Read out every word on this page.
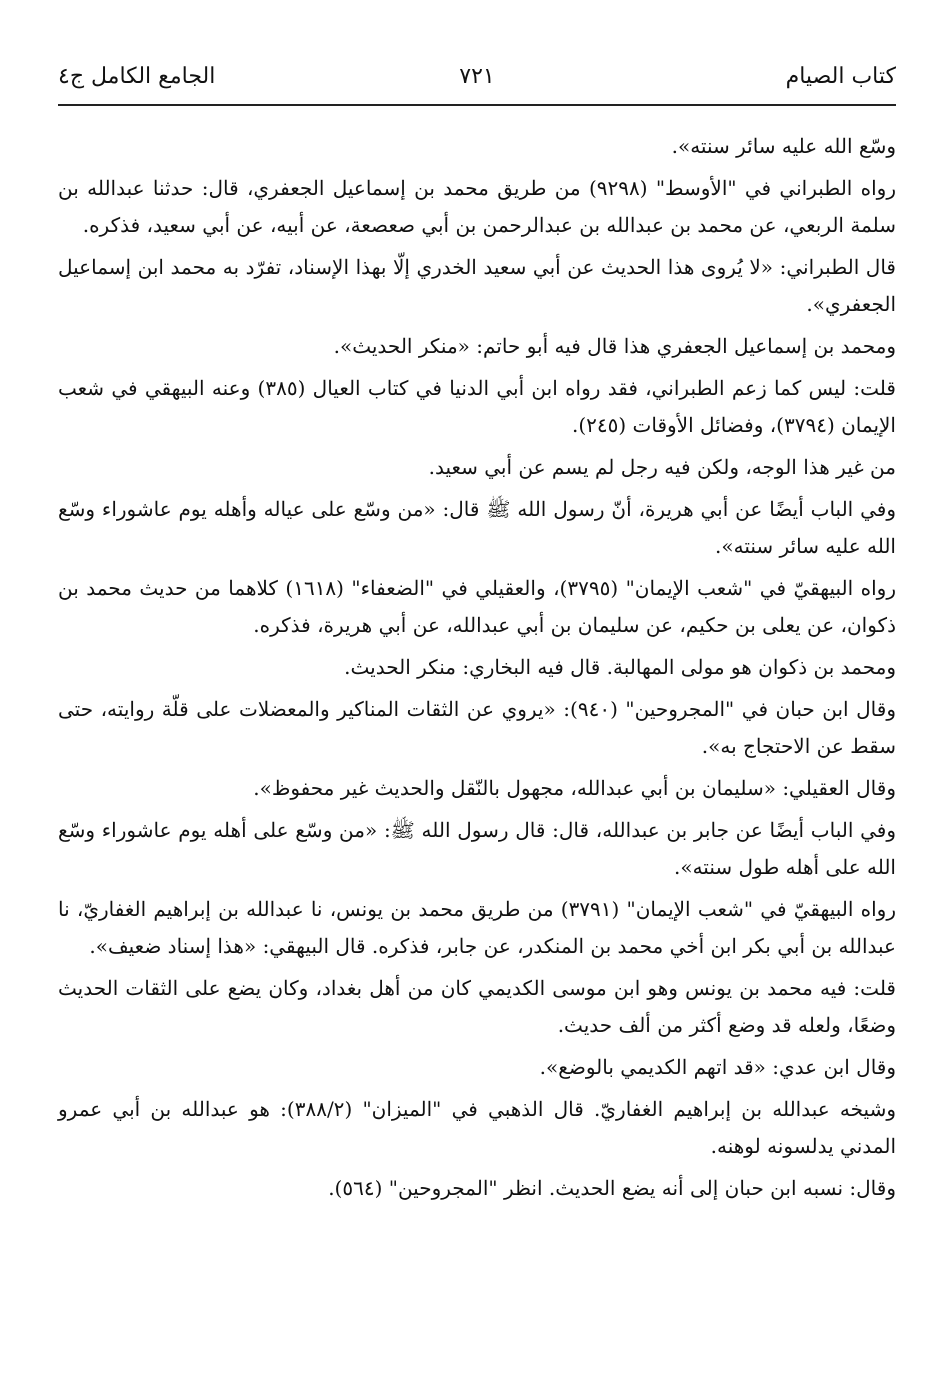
كتاب الصيام
٧٢١
الجامع الكامل ج٤

وسّع الله عليه سائر سنته».

رواه الطبراني في "الأوسط" (٩٢٩٨) من طريق محمد بن إسماعيل الجعفري، قال: حدثنا عبدالله بن سلمة الربعي، عن محمد بن عبدالله بن عبدالرحمن بن أبي صعصعة، عن أبيه، عن أبي سعيد، فذكره.

قال الطبراني: «لا يُروى هذا الحديث عن أبي سعيد الخدري إلّا بهذا الإسناد، تفرّد به محمد ابن إسماعيل الجعفري».

ومحمد بن إسماعيل الجعفري هذا قال فيه أبو حاتم: «منكر الحديث».

قلت: ليس كما زعم الطبراني، فقد رواه ابن أبي الدنيا في كتاب العيال (٣٨٥) وعنه البيهقي في شعب الإيمان (٣٧٩٤)، وفضائل الأوقات (٢٤٥).

من غير هذا الوجه، ولكن فيه رجل لم يسم عن أبي سعيد.

وفي الباب أيضًا عن أبي هريرة، أنّ رسول الله ﷺ قال: «من وسّع على عياله وأهله يوم عاشوراء وسّع الله عليه سائر سنته».

رواه البيهقيّ في "شعب الإيمان" (٣٧٩٥)، والعقيلي في "الضعفاء" (١٦١٨) كلاهما من حديث محمد بن ذكوان، عن يعلى بن حكيم، عن سليمان بن أبي عبدالله، عن أبي هريرة، فذكره.

ومحمد بن ذكوان هو مولى المهالبة. قال فيه البخاري: منكر الحديث.

وقال ابن حبان في "المجروحين" (٩٤٠): «يروي عن الثقات المناكير والمعضلات على قلّة روايته، حتى سقط عن الاحتجاج به».

وقال العقيلي: «سليمان بن أبي عبدالله، مجهول بالنّقل والحديث غير محفوظ».

وفي الباب أيضًا عن جابر بن عبدالله، قال: قال رسول الله ﷺ: «من وسّع على أهله يوم عاشوراء وسّع الله على أهله طول سنته».

رواه البيهقيّ في "شعب الإيمان" (٣٧٩١) من طريق محمد بن يونس، نا عبدالله بن إبراهيم الغفاريّ، نا عبدالله بن أبي بكر ابن أخي محمد بن المنكدر، عن جابر، فذكره. قال البيهقي: «هذا إسناد ضعيف».

قلت: فيه محمد بن يونس وهو ابن موسى الكديمي كان من أهل بغداد، وكان يضع على الثقات الحديث وضعًا، ولعله قد وضع أكثر من ألف حديث.

وقال ابن عدي: «قد اتهم الكديمي بالوضع».

وشيخه عبدالله بن إبراهيم الغفاريّ. قال الذهبي في "الميزان" (٣٨٨/٢): هو عبدالله بن أبي عمرو المدني يدلسونه لوهنه.

وقال: نسبه ابن حبان إلى أنه يضع الحديث. انظر "المجروحين" (٥٦٤).
